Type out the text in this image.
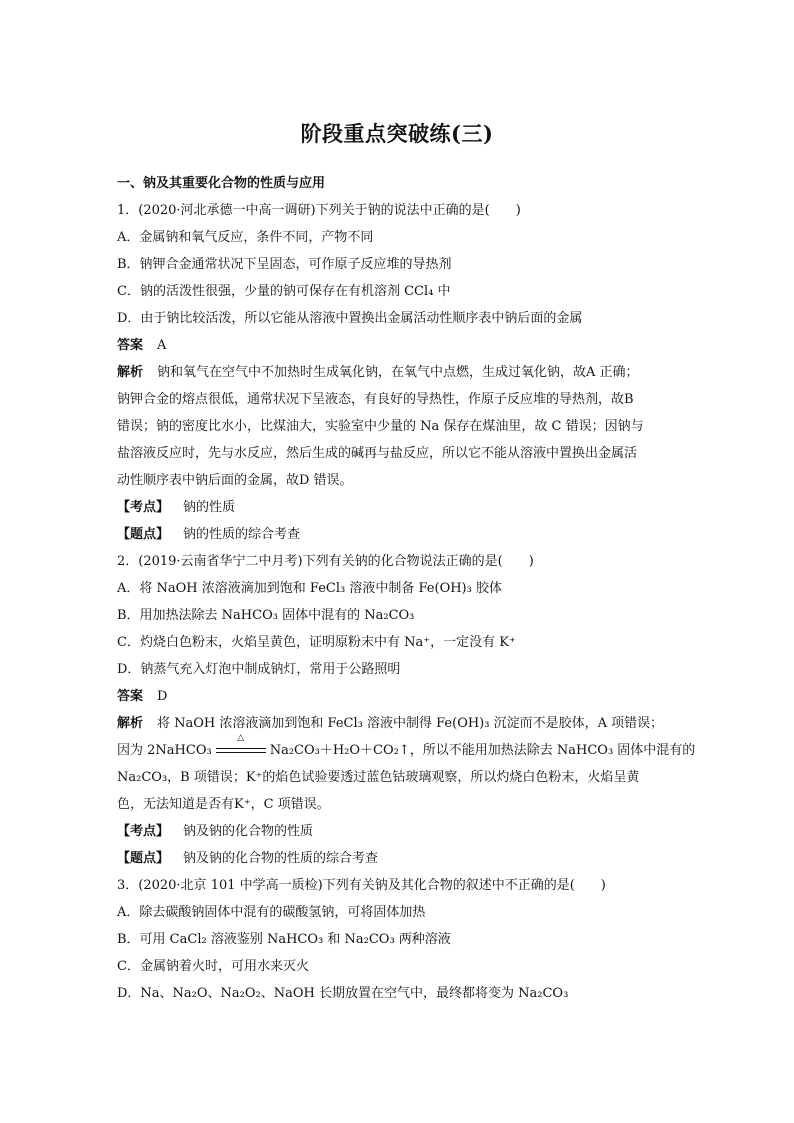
阶段重点突破练(三)
一、钠及其重要化合物的性质与应用
1．(2020·河北承德一中高一调研)下列关于钠的说法中正确的是(　　)
A．金属钠和氧气反应，条件不同，产物不同
B．钠钾合金通常状况下呈固态，可作原子反应堆的导热剂
C．钠的活泼性很强，少量的钠可保存在有机溶剂 CCl₄ 中
D．由于钠比较活泼，所以它能从溶液中置换出金属活动性顺序表中钠后面的金属
答案 A
解析 钠和氧气在空气中不加热时生成氧化钠，在氧气中点燃，生成过氧化钠，故A 正确；
钠钾合金的熔点很低，通常状况下呈液态，有良好的导热性，作原子反应堆的导热剂，故B
错误；钠的密度比水小，比煤油大，实验室中少量的 Na 保存在煤油里，故 C 错误；因钠与
盐溶液反应时，先与水反应，然后生成的碱再与盐反应，所以它不能从溶液中置换出金属活
动性顺序表中钠后面的金属，故D 错误。
【考点】 钠的性质
【题点】 钠的性质的综合考查
2．(2019·云南省华宁二中月考)下列有关钠的化合物说法正确的是(　　)
A．将 NaOH 浓溶液滴加到饱和 FeCl₃ 溶液中制备 Fe(OH)₃ 胶体
B．用加热法除去 NaHCO₃ 固体中混有的 Na₂CO₃
C．灼烧白色粉末，火焰呈黄色，证明原粉末中有 Na⁺，一定没有 K⁺
D．钠蒸气充入灯泡中制成钠灯，常用于公路照明
答案 D
解析 将 NaOH 浓溶液滴加到饱和 FeCl₃ 溶液中制得 Fe(OH)₃ 沉淀而不是胶体，A 项错误；
因为 2NaHCO₃
△
Na₂CO₃＋H₂O＋CO₂↑，所以不能用加热法除去 NaHCO₃ 固体中混有的
Na₂CO₃，B 项错误；K⁺的焰色试验要透过蓝色钴玻璃观察，所以灼烧白色粉末，火焰呈黄
色，无法知道是否有K⁺，C 项错误。
【考点】 钠及钠的化合物的性质
【题点】 钠及钠的化合物的性质的综合考查
3．(2020·北京 101 中学高一质检)下列有关钠及其化合物的叙述中不正确的是(　　)
A．除去碳酸钠固体中混有的碳酸氢钠，可将固体加热
B．可用 CaCl₂ 溶液鉴别 NaHCO₃ 和 Na₂CO₃ 两种溶液
C．金属钠着火时，可用水来灭火
D．Na、Na₂O、Na₂O₂、NaOH 长期放置在空气中，最终都将变为 Na₂CO₃
